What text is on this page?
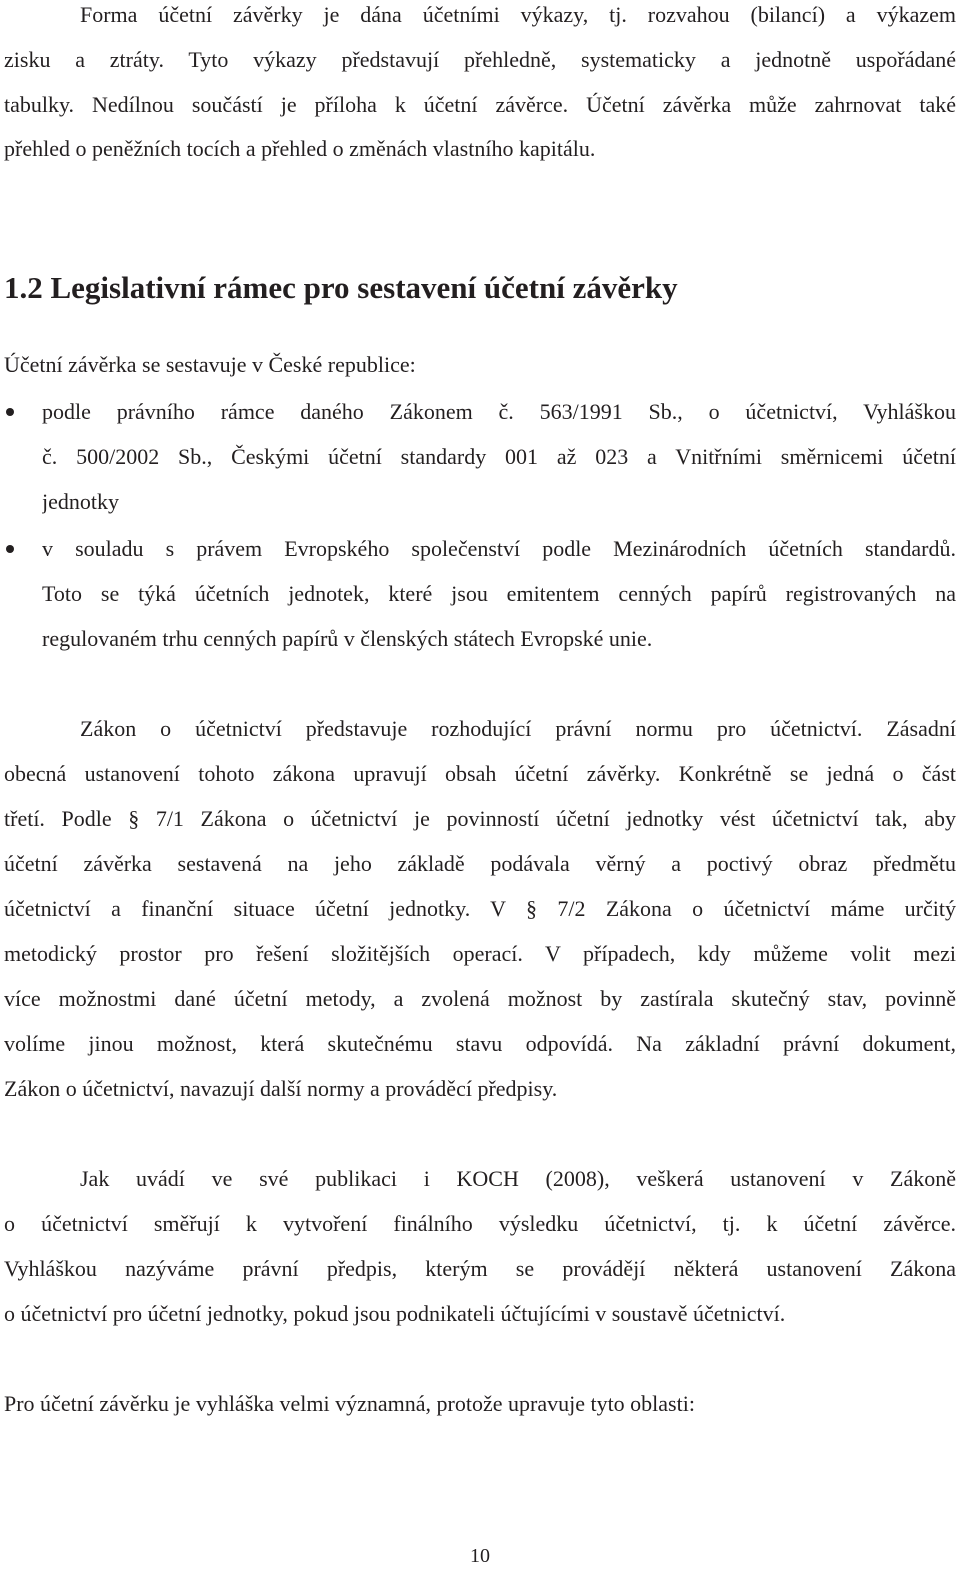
Forma účetní závěrky je dána účetními výkazy, tj. rozvahou (bilancí) a výkazem
zisku a ztráty. Tyto výkazy představují přehledně, systematicky a jednotně uspořádané
tabulky. Nedílnou součástí je příloha k účetní závěrce. Účetní závěrka může zahrnovat také
přehled o peněžních tocích a přehled o změnách vlastního kapitálu.
1.2 Legislativní rámec pro sestavení účetní závěrky
Účetní závěrka se sestavuje v České republice:
podle právního rámce daného Zákonem č. 563/1991 Sb., o účetnictví, Vyhláškou
č. 500/2002 Sb., Českými účetní standardy 001 až 023 a Vnitřními směrnicemi účetní
jednotky
v souladu s právem Evropského společenství podle Mezinárodních účetních standardů.
Toto se týká účetních jednotek, které jsou emitentem cenných papírů registrovaných na
regulovaném trhu cenných papírů v členských státech Evropské unie.
Zákon o účetnictví představuje rozhodující právní normu pro účetnictví. Zásadní
obecná ustanovení tohoto zákona upravují obsah účetní závěrky. Konkrétně se jedná o část
třetí. Podle § 7/1 Zákona o účetnictví je povinností účetní jednotky vést účetnictví tak, aby
účetní závěrka sestavená na jeho základě podávala věrný a poctivý obraz předmětu
účetnictví a finanční situace účetní jednotky. V § 7/2 Zákona o účetnictví máme určitý
metodický prostor pro řešení složitějších operací. V případech, kdy můžeme volit mezi
více možnostmi dané účetní metody, a zvolená možnost by zastírala skutečný stav, povinně
volíme jinou možnost, která skutečnému stavu odpovídá. Na základní právní dokument,
Zákon o účetnictví, navazují další normy a prováděcí předpisy.
Jak uvádí ve své publikaci i KOCH (2008), veškerá ustanovení v Zákoně
o účetnictví směřují k vytvoření finálního výsledku účetnictví, tj. k účetní závěrce.
Vyhláškou nazýváme právní předpis, kterým se provádějí některá ustanovení Zákona
o účetnictví pro účetní jednotky, pokud jsou podnikateli účtujícími v soustavě účetnictví.
Pro účetní závěrku je vyhláška velmi významná, protože upravuje tyto oblasti:
10
